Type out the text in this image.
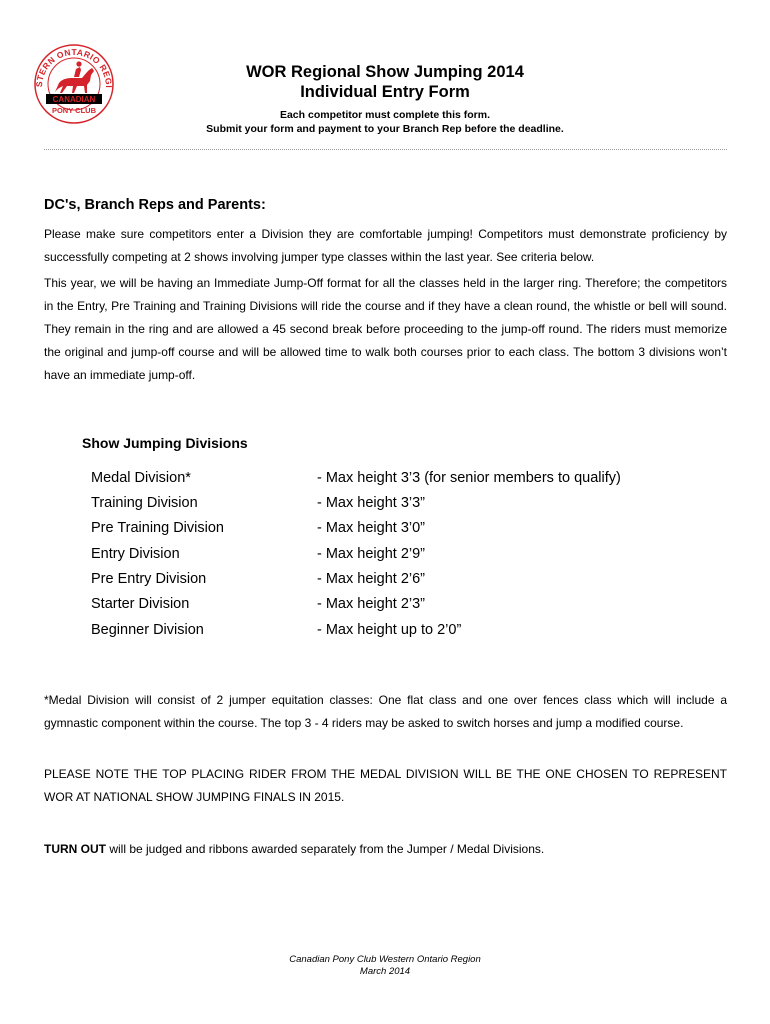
STERN ONTARIO REGI
CANADIAN
PONY CLUB
WOR Regional Show Jumping 2014
Individual Entry Form
Each competitor must complete this form.
Submit your form and payment to your Branch Rep before the deadline.
DC's, Branch Reps and Parents:

Please make sure competitors enter a Division they are comfortable jumping! Competitors must demonstrate proficiency by successfully competing at 2 shows involving jumper type classes within the last year. See criteria below.

This year, we will be having an Immediate Jump-Off format for all the classes held in the larger ring. Therefore; the competitors in the Entry, Pre Training and Training Divisions will ride the course and if they have a clean round, the whistle or bell will sound. They remain in the ring and are allowed a 45 second break before proceeding to the jump-off round. The riders must memorize the original and jump-off course and will be allowed time to walk both courses prior to each class. The bottom 3 divisions won’t have an immediate jump-off.

Show Jumping Divisions
Medal Division*	- Max height 3’3 (for senior members to qualify)
Training Division	- Max height 3’3”
Pre Training Division	- Max height 3’0”
Entry Division	- Max height 2’9”
Pre Entry Division	- Max height 2’6”
Starter Division	- Max height 2’3”
Beginner Division	- Max height up to 2’0”

*Medal Division will consist of 2 jumper equitation classes: One flat class and one over fences class which will include a gymnastic component within the course. The top 3 - 4 riders may be asked to switch horses and jump a modified course.

PLEASE NOTE THE TOP PLACING RIDER FROM THE MEDAL DIVISION WILL BE THE ONE CHOSEN TO REPRESENT WOR AT NATIONAL SHOW JUMPING FINALS IN 2015.

TURN OUT will be judged and ribbons awarded separately from the Jumper / Medal Divisions.

Canadian Pony Club Western Ontario Region
March 2014
